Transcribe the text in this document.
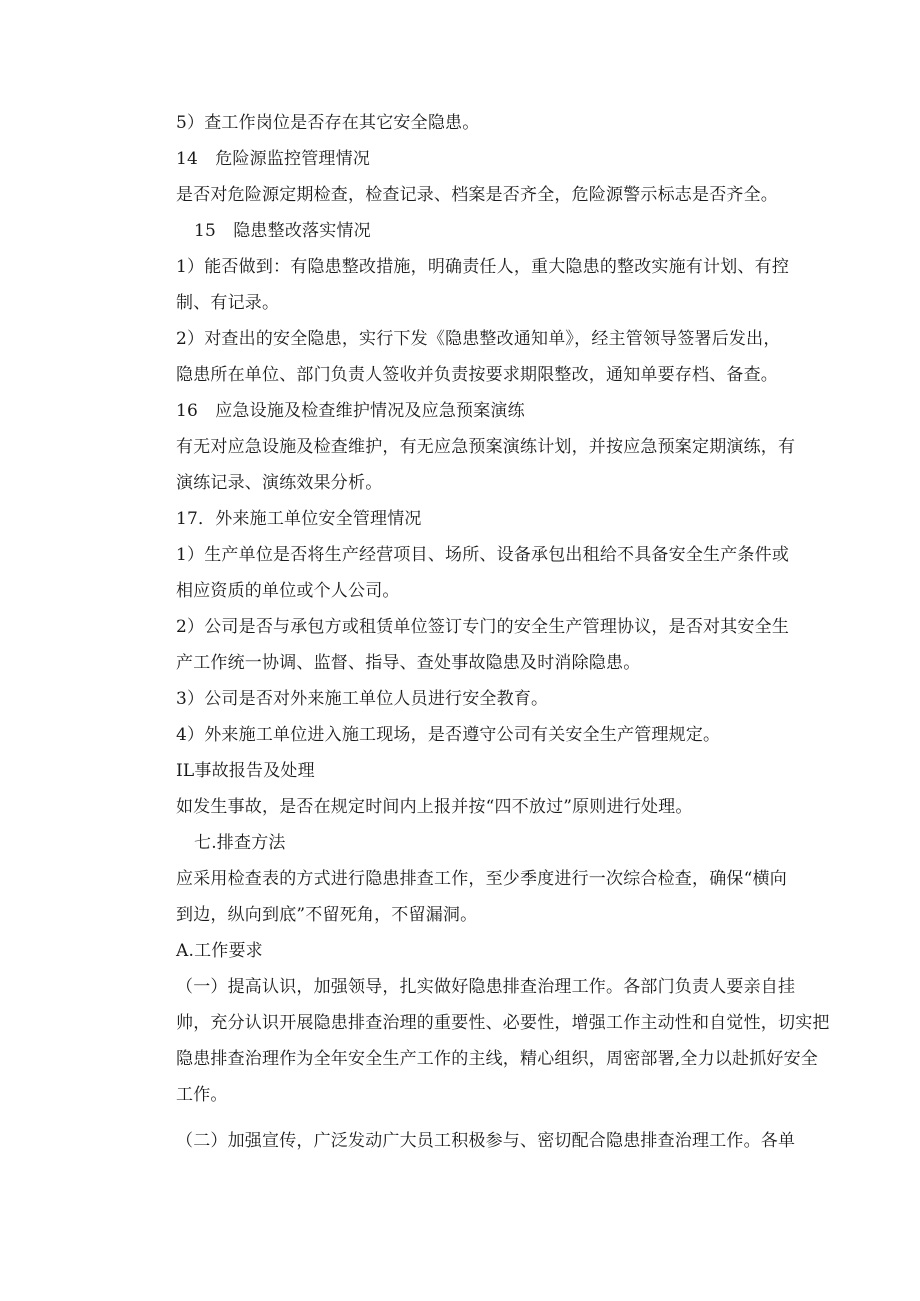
5）查工作岗位是否存在其它安全隐患。
14　危险源监控管理情况
是否对危险源定期检查，检查记录、档案是否齐全，危险源警示标志是否齐全。
15　隐患整改落实情况
1）能否做到：有隐患整改措施，明确责任人，重大隐患的整改实施有计划、有控
制、有记录。
2）对查出的安全隐患，实行下发《隐患整改通知单》，经主管领导签署后发出，
隐患所在单位、部门负责人签收并负责按要求期限整改，通知单要存档、备查。
16　应急设施及检查维护情况及应急预案演练
有无对应急设施及检查维护，有无应急预案演练计划，并按应急预案定期演练，有
演练记录、演练效果分析。
17．外来施工单位安全管理情况
1）生产单位是否将生产经营项目、场所、设备承包出租给不具备安全生产条件或
相应资质的单位或个人公司。
2）公司是否与承包方或租赁单位签订专门的安全生产管理协议，是否对其安全生
产工作统一协调、监督、指导、查处事故隐患及时消除隐患。
3）公司是否对外来施工单位人员进行安全教育。
4）外来施工单位进入施工现场，是否遵守公司有关安全生产管理规定。
IL事故报告及处理
如发生事故，是否在规定时间内上报并按“四不放过”原则进行处理。
七.排查方法
应采用检查表的方式进行隐患排查工作，至少季度进行一次综合检查，确保“横向
到边，纵向到底”不留死角，不留漏洞。
A.工作要求
（一）提高认识，加强领导，扎实做好隐患排查治理工作。各部门负责人要亲自挂
帅，充分认识开展隐患排查治理的重要性、必要性，增强工作主动性和自觉性，切实把
隐患排查治理作为全年安全生产工作的主线，精心组织，周密部署,全力以赴抓好安全
工作。
（二）加强宣传，广泛发动广大员工积极参与、密切配合隐患排查治理工作。各单
